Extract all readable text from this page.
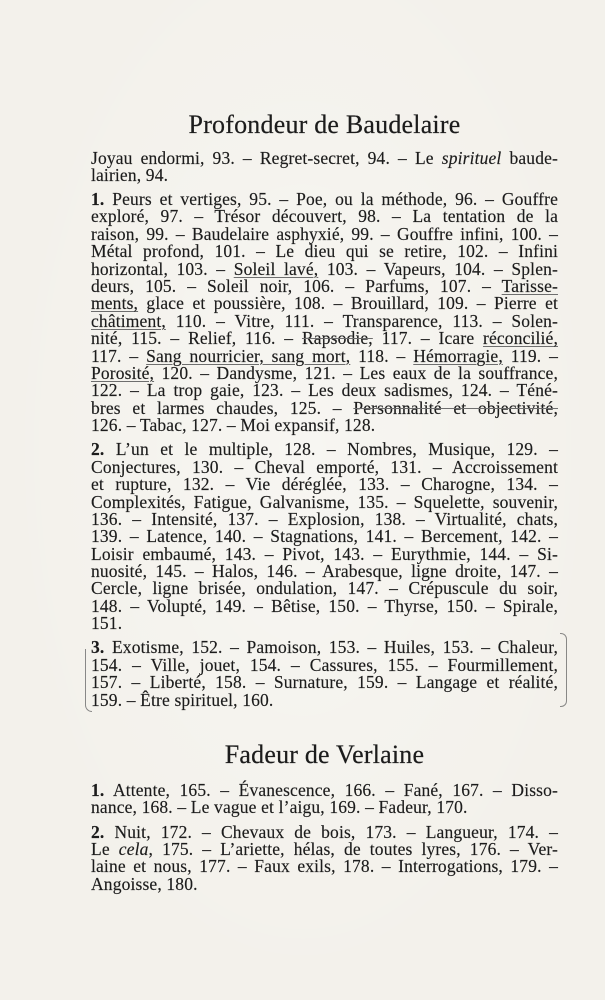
Profondeur de Baudelaire
Joyau endormi, 93. – Regret-secret, 94. – Le spirituel baude-
lairien, 94.
1. Peurs et vertiges, 95. – Poe, ou la méthode, 96. – Gouffre
exploré, 97. – Trésor découvert, 98. – La tentation de la
raison, 99. – Baudelaire asphyxié, 99. – Gouffre infini, 100. –
Métal profond, 101. – Le dieu qui se retire, 102. – Infini
horizontal, 103. – Soleil lavé, 103. – Vapeurs, 104. – Splen-
deurs, 105. – Soleil noir, 106. – Parfums, 107. – Tarisse-
ments, glace et poussière, 108. – Brouillard, 109. – Pierre et
châtiment, 110. – Vitre, 111. – Transparence, 113. – Solen-
nité, 115. – Relief, 116. – Rapsodie, 117. – Icare réconcilié,
117. – Sang nourricier, sang mort, 118. – Hémorragie, 119. –
Porosité, 120. – Dandysme, 121. – Les eaux de la souffrance,
122. – La trop gaie, 123. – Les deux sadismes, 124. – Téné-
bres et larmes chaudes, 125. – Personnalité et objectivité,
126. – Tabac, 127. – Moi expansif, 128.
2. L’un et le multiple, 128. – Nombres, Musique, 129. –
Conjectures, 130. – Cheval emporté, 131. – Accroissement
et rupture, 132. – Vie déréglée, 133. – Charogne, 134. –
Complexités, Fatigue, Galvanisme, 135. – Squelette, souvenir,
136. – Intensité, 137. – Explosion, 138. – Virtualité, chats,
139. – Latence, 140. – Stagnations, 141. – Bercement, 142. –
Loisir embaumé, 143. – Pivot, 143. – Eurythmie, 144. – Si-
nuosité, 145. – Halos, 146. – Arabesque, ligne droite, 147. –
Cercle, ligne brisée, ondulation, 147. – Crépuscule du soir,
148. – Volupté, 149. – Bêtise, 150. – Thyrse, 150. – Spirale,
151.
3. Exotisme, 152. – Pamoison, 153. – Huiles, 153. – Chaleur,
154. – Ville, jouet, 154. – Cassures, 155. – Fourmillement,
157. – Liberté, 158. – Surnature, 159. – Langage et réalité,
159. – Être spirituel, 160.
Fadeur de Verlaine
1. Attente, 165. – Évanescence, 166. – Fané, 167. – Disso-
nance, 168. – Le vague et l’aigu, 169. – Fadeur, 170.
2. Nuit, 172. – Chevaux de bois, 173. – Langueur, 174. –
Le cela, 175. – L’ariette, hélas, de toutes lyres, 176. – Ver-
laine et nous, 177. – Faux exils, 178. – Interrogations, 179. –
Angoisse, 180.
